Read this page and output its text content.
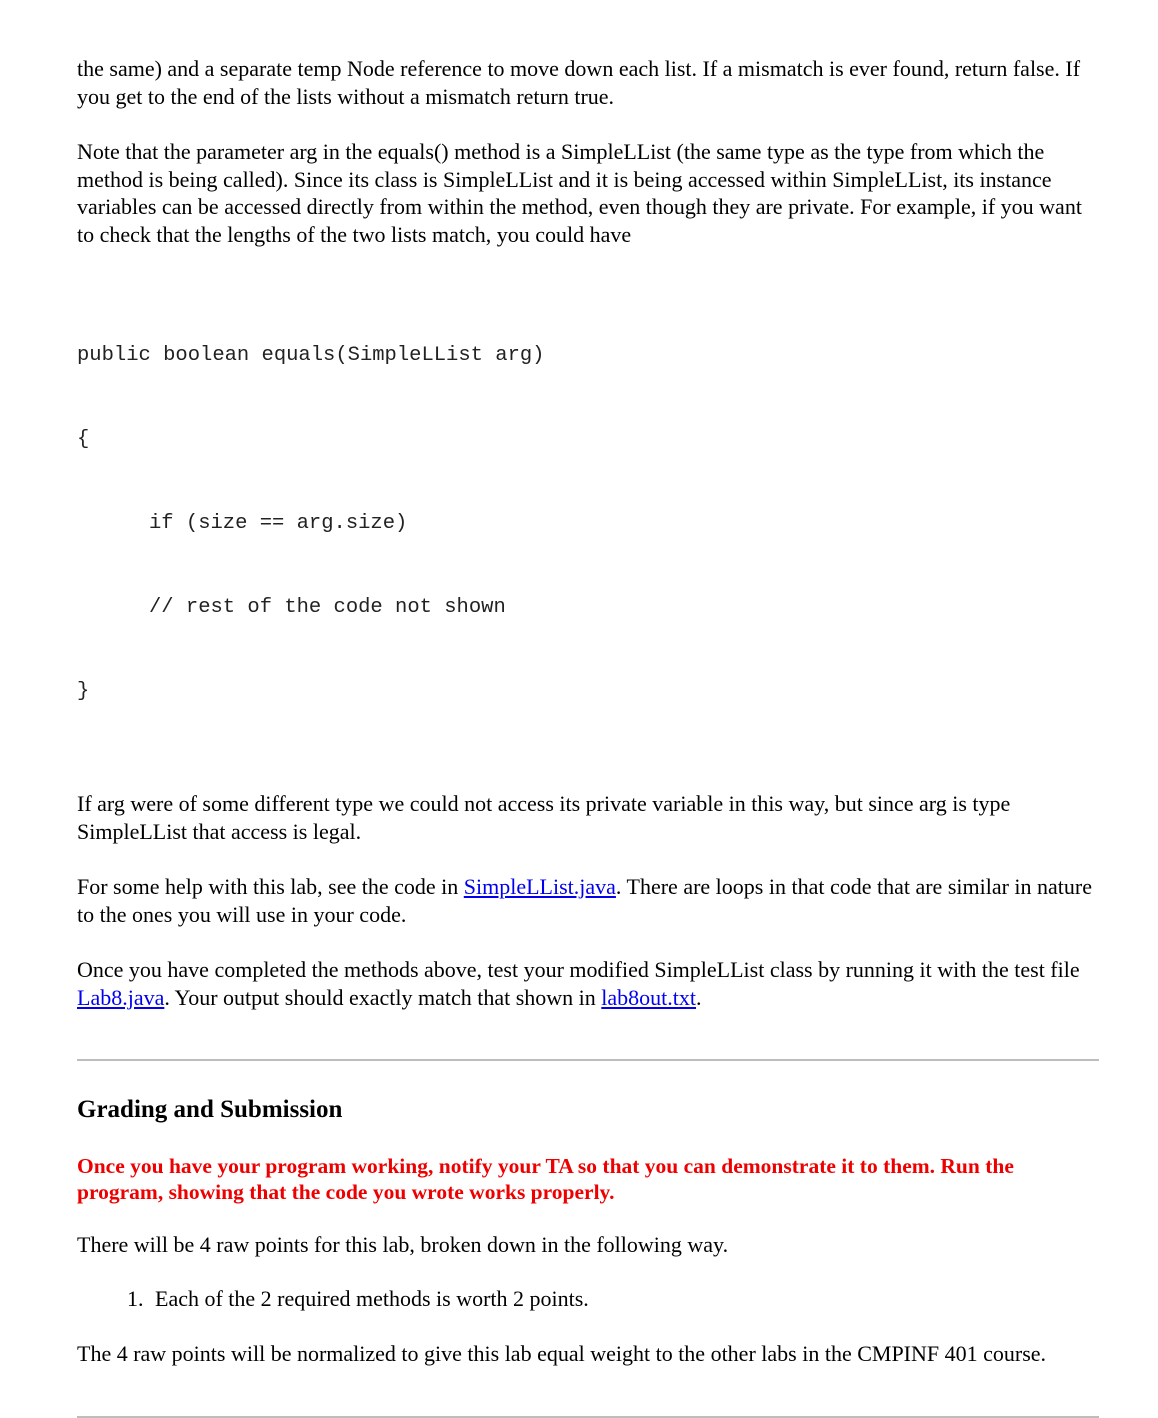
the same) and a separate temp Node reference to move down each list. If a mismatch is ever found, return false. If you get to the end of the lists without a mismatch return true.

Note that the parameter arg in the equals() method is a SimpleLList (the same type as the type from which the method is being called). Since its class is SimpleLList and it is being accessed within SimpleLList, its instance variables can be accessed directly from within the method, even though they are private. For example, if you want to check that the lengths of the two lists match, you could have

public boolean equals(SimpleLList arg)

{

if (size == arg.size)

// rest of the code not shown

}

If arg were of some different type we could not access its private variable in this way, but since arg is type SimpleLList that access is legal.

For some help with this lab, see the code in SimpleLList.java. There are loops in that code that are similar in nature to the ones you will use in your code.

Once you have completed the methods above, test your modified SimpleLList class by running it with the test file Lab8.java. Your output should exactly match that shown in lab8out.txt.

Grading and Submission

Once you have your program working, notify your TA so that you can demonstrate it to them. Run the program, showing that the code you wrote works properly.

There will be 4 raw points for this lab, broken down in the following way.

1. Each of the 2 required methods is worth 2 points.

The 4 raw points will be normalized to give this lab equal weight to the other labs in the CMPINF 401 course.
